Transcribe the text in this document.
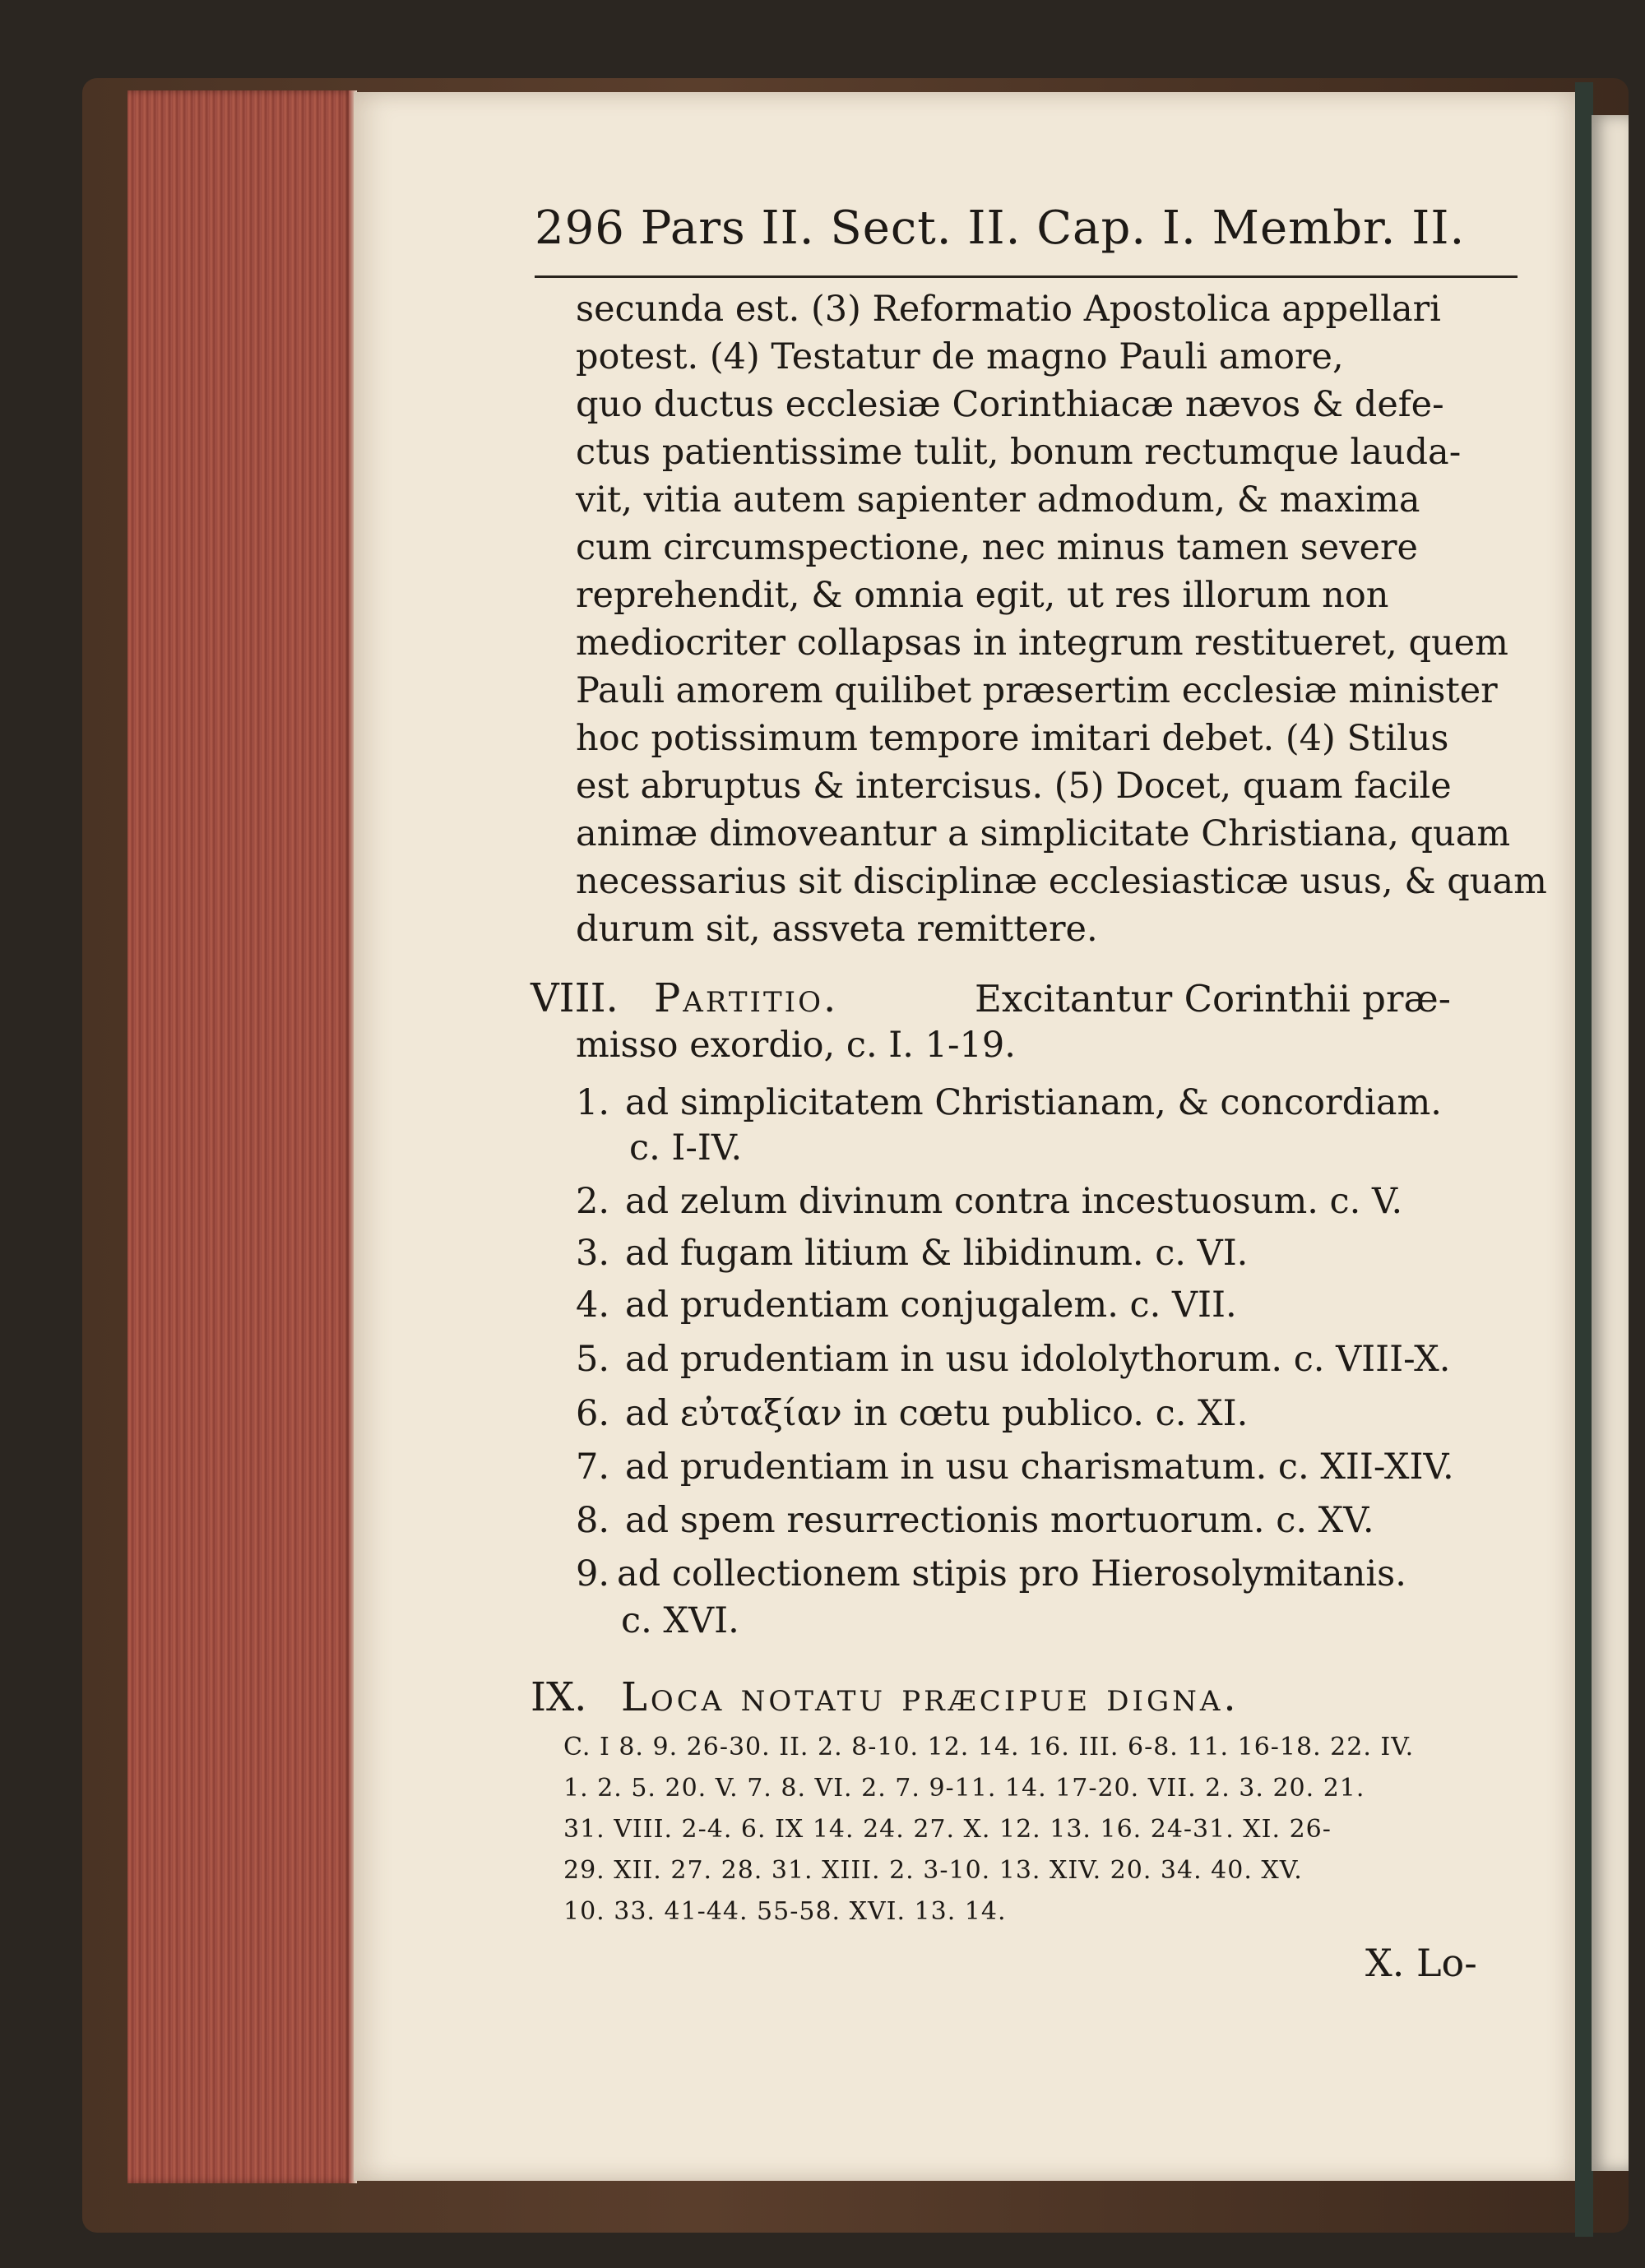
296 Pars II. Sect. II. Cap. I. Membr. II.
secunda est. (3) Reformatio Apostolica appellari
potest. (4) Testatur de magno Pauli amore,
quo ductus ecclesiæ Corinthiacæ nævos & defe-
ctus patientissime tulit, bonum rectumque lauda-
vit, vitia autem sapienter admodum, & maxima
cum circumspectione, nec minus tamen severe
reprehendit, & omnia egit, ut res illorum non
mediocriter collapsas in integrum restitueret, quem
Pauli amorem quilibet præsertim ecclesiæ minister
hoc potissimum tempore imitari debet. (4) Stilus
est abruptus & intercisus. (5) Docet, quam facile
animæ dimoveantur a simplicitate Christiana, quam
necessarius sit disciplinæ ecclesiasticæ usus, & quam
durum sit, assveta remittere.
VIII. Partitio.	Excitantur Corinthii præ-
misso exordio, c. I. 1-19.
1. ad simplicitatem Christianam, & concordiam.
c. I-IV.
2. ad zelum divinum contra incestuosum. c. V.
3. ad fugam litium & libidinum. c. VI.
4. ad prudentiam conjugalem. c. VII.
5. ad prudentiam in usu idololythorum. c. VIII-X.
6. ad εὐταξίαν in cœtu publico. c. XI.
7. ad prudentiam in usu charismatum. c. XII-XIV.
8. ad spem resurrectionis mortuorum. c. XV.
9. ad collectionem stipis pro Hierosolymitanis.
c. XVI.
IX. Loca notatu præcipue digna.
C. I 8. 9. 26-30. II. 2. 8-10. 12. 14. 16. III. 6-8. 11. 16-18. 22. IV.
1. 2. 5. 20. V. 7. 8. VI. 2. 7. 9-11. 14. 17-20. VII. 2. 3. 20. 21.
31. VIII. 2-4. 6. IX 14. 24. 27. X. 12. 13. 16. 24-31. XI. 26-
29. XII. 27. 28. 31. XIII. 2. 3-10. 13. XIV. 20. 34. 40. XV.
10. 33. 41-44. 55-58. XVI. 13. 14.
X. Lo-
